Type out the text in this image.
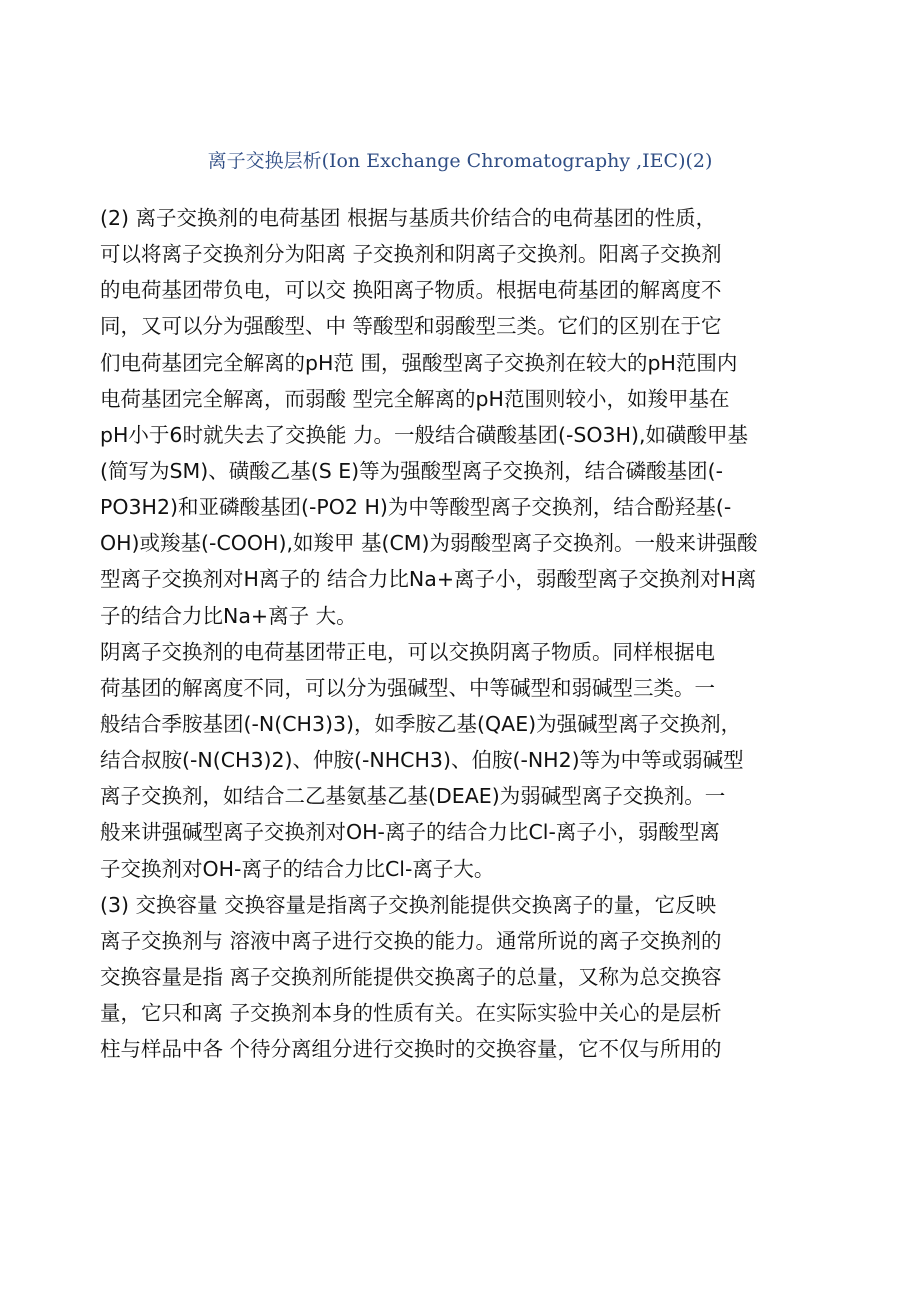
离子交换层析(Ion Exchange Chromatography ,IEC)(2)
(2) 离子交换剂的电荷基团 根据与基质共价结合的电荷基团的性质，
可以将离子交换剂分为阳离 子交换剂和阴离子交换剂。阳离子交换剂
的电荷基团带负电，可以交 换阳离子物质。根据电荷基团的解离度不
同，又可以分为强酸型、中 等酸型和弱酸型三类。它们的区别在于它
们电荷基团完全解离的pH范 围，强酸型离子交换剂在较大的pH范围内
电荷基团完全解离，而弱酸 型完全解离的pH范围则较小，如羧甲基在
pH小于6时就失去了交换能 力。一般结合磺酸基团(-SO3H),如磺酸甲基
(简写为SM)、磺酸乙基(S E)等为强酸型离子交换剂，结合磷酸基团(-
PO3H2)和亚磷酸基团(-PO2 H)为中等酸型离子交换剂，结合酚羟基(-
OH)或羧基(-COOH),如羧甲 基(CM)为弱酸型离子交换剂。一般来讲强酸
型离子交换剂对H离子的 结合力比Na+离子小，弱酸型离子交换剂对H离
子的结合力比Na+离子 大。
阴离子交换剂的电荷基团带正电，可以交换阴离子物质。同样根据电
荷基团的解离度不同，可以分为强碱型、中等碱型和弱碱型三类。一
般结合季胺基团(-N(CH3)3)，如季胺乙基(QAE)为强碱型离子交换剂，
结合叔胺(-N(CH3)2)、仲胺(-NHCH3)、伯胺(-NH2)等为中等或弱碱型
离子交换剂，如结合二乙基氨基乙基(DEAE)为弱碱型离子交换剂。一
般来讲强碱型离子交换剂对OH-离子的结合力比Cl-离子小，弱酸型离
子交换剂对OH-离子的结合力比Cl-离子大。
(3) 交换容量 交换容量是指离子交换剂能提供交换离子的量，它反映
离子交换剂与 溶液中离子进行交换的能力。通常所说的离子交换剂的
交换容量是指 离子交换剂所能提供交换离子的总量，又称为总交换容
量，它只和离 子交换剂本身的性质有关。在实际实验中关心的是层析
柱与样品中各 个待分离组分进行交换时的交换容量，它不仅与所用的
